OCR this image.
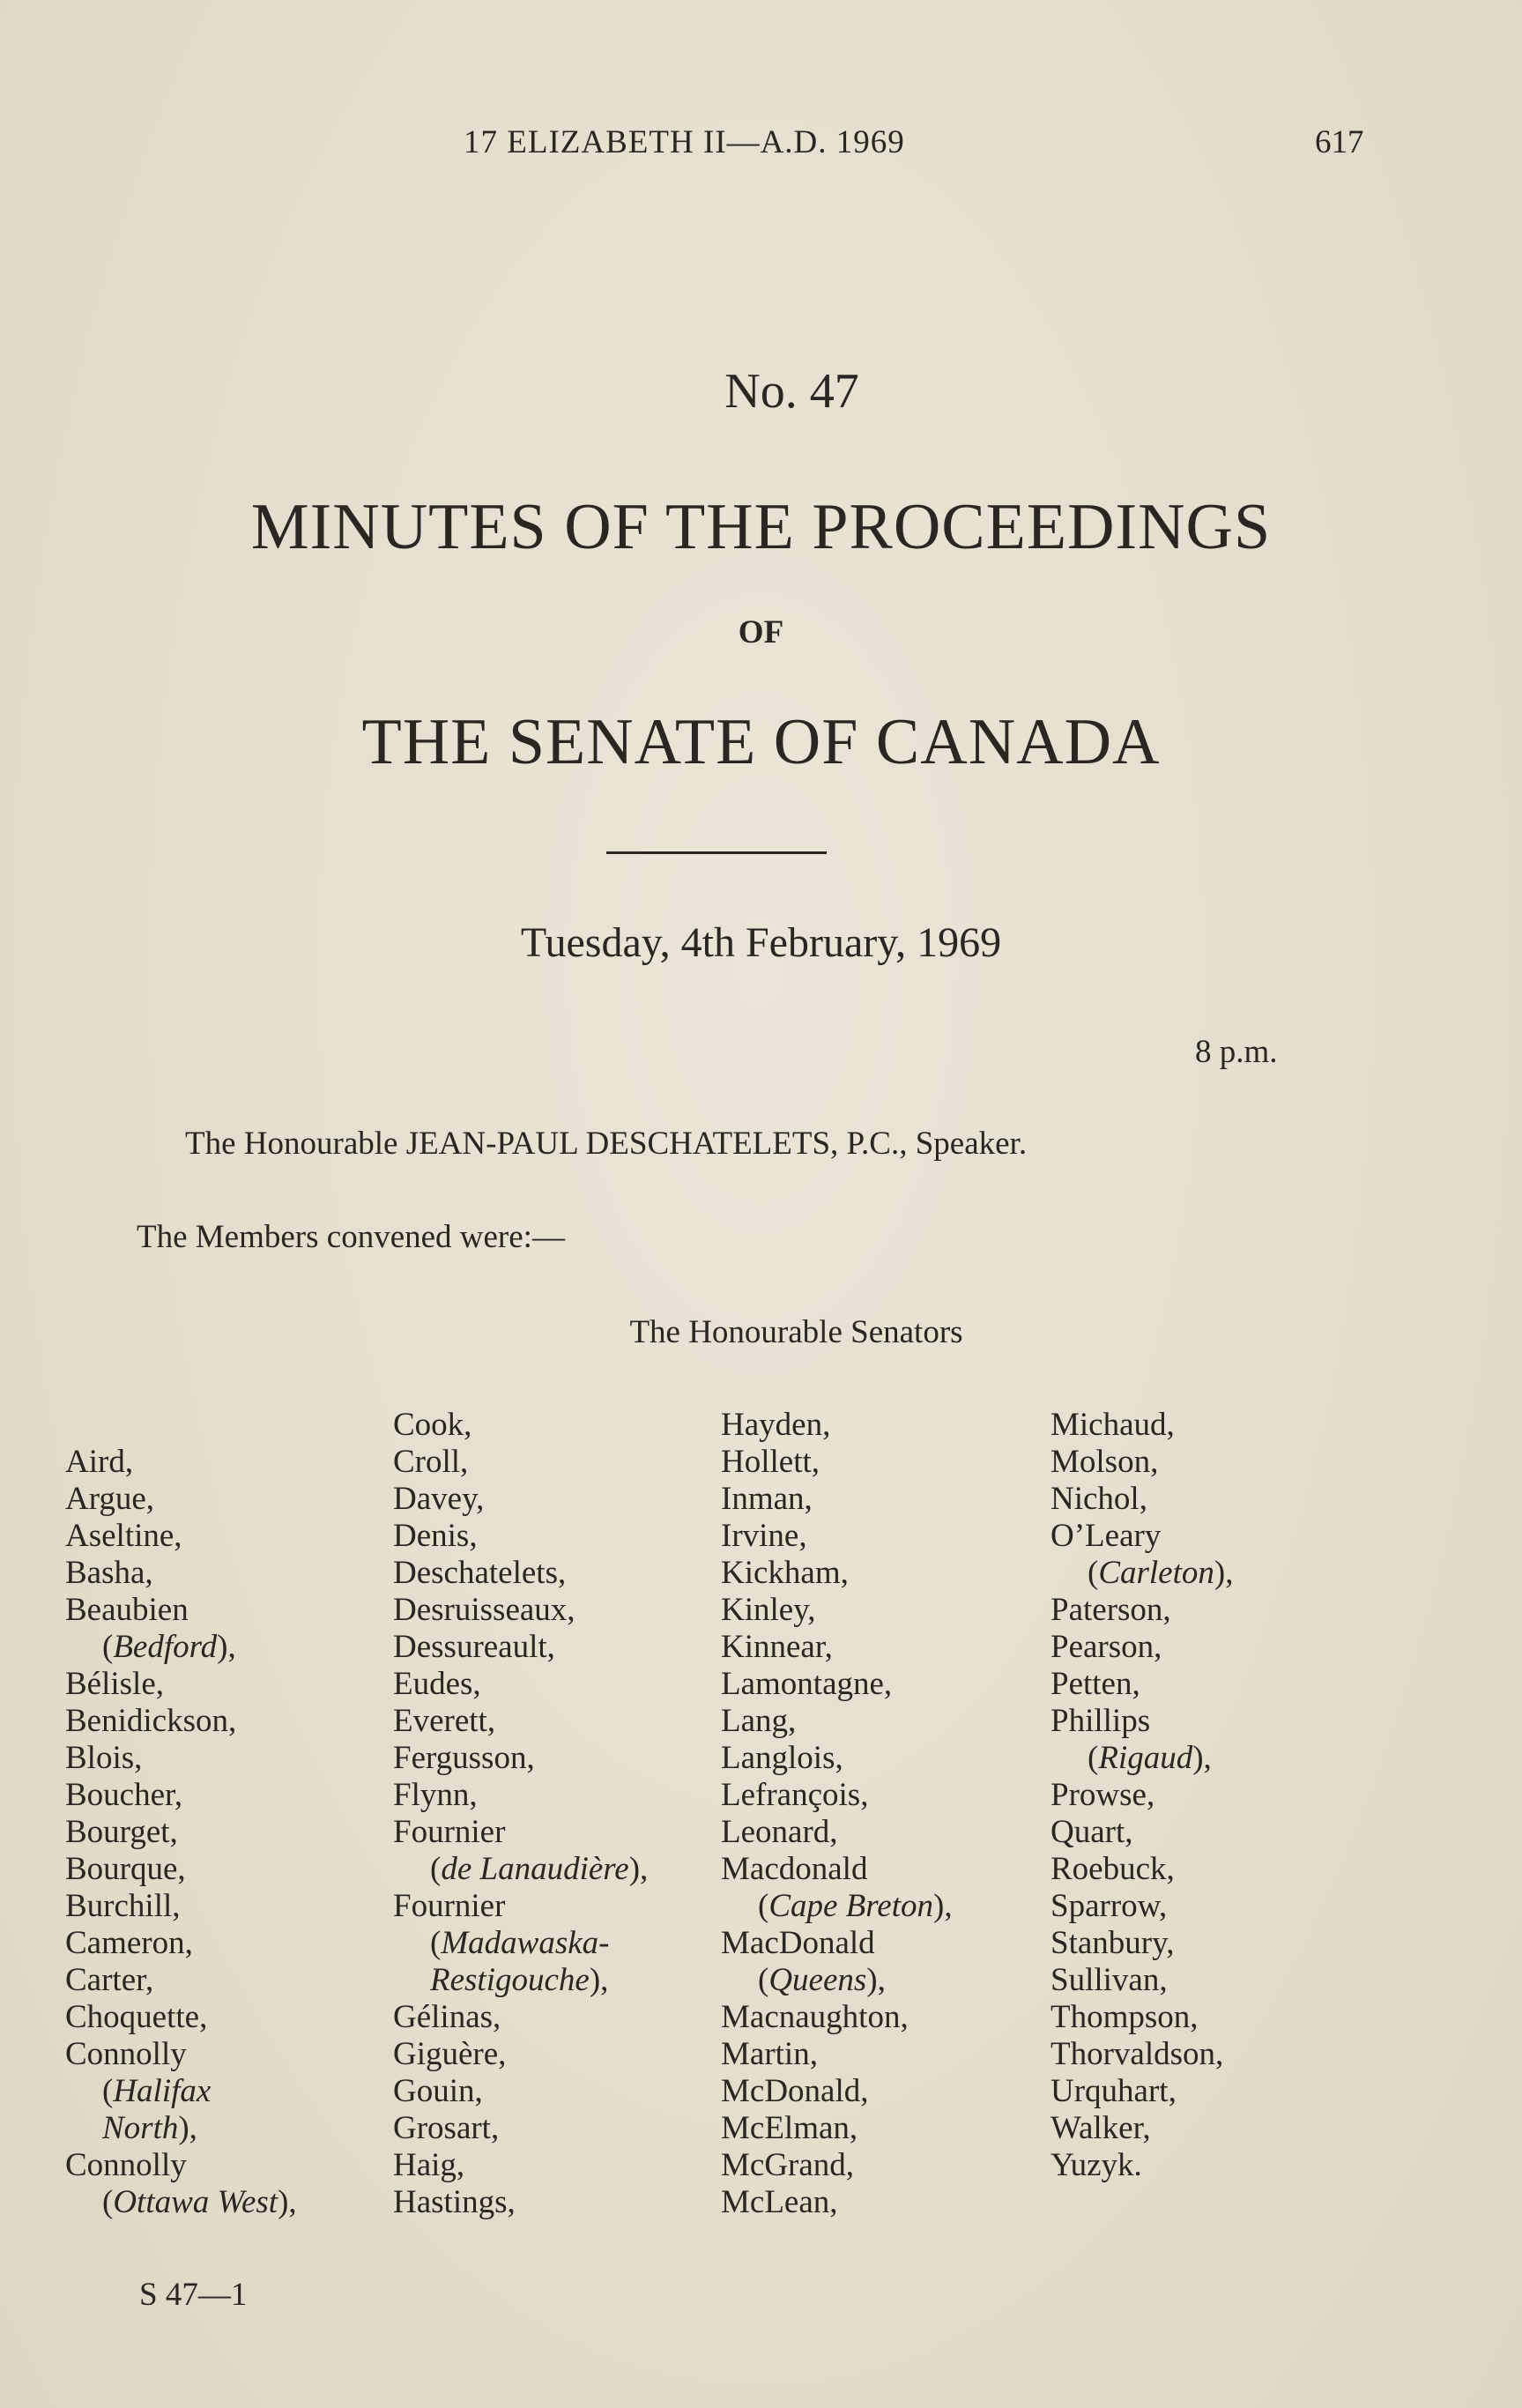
17 ELIZABETH II—A.D. 1969	617
No. 47
MINUTES OF THE PROCEEDINGS
OF
THE SENATE OF CANADA
Tuesday, 4th February, 1969
8 p.m.
The Honourable JEAN-PAUL DESCHATELETS, P.C., Speaker.
The Members convened were:—
The Honourable Senators
Aird,
Argue,
Aseltine,
Basha,
Beaubien
(Bedford),
Bélisle,
Benidickson,
Blois,
Boucher,
Bourget,
Bourque,
Burchill,
Cameron,
Carter,
Choquette,
Connolly
(Halifax
North),
Connolly
(Ottawa West),
Cook,
Croll,
Davey,
Denis,
Deschatelets,
Desruisseaux,
Dessureault,
Eudes,
Everett,
Fergusson,
Flynn,
Fournier
(de Lanaudière),
Fournier
(Madawaska-
Restigouche),
Gélinas,
Giguère,
Gouin,
Grosart,
Haig,
Hastings,
Hayden,
Hollett,
Inman,
Irvine,
Kickham,
Kinley,
Kinnear,
Lamontagne,
Lang,
Langlois,
Lefrançois,
Leonard,
Macdonald
(Cape Breton),
MacDonald
(Queens),
Macnaughton,
Martin,
McDonald,
McElman,
McGrand,
McLean,
Michaud,
Molson,
Nichol,
O’Leary
(Carleton),
Paterson,
Pearson,
Petten,
Phillips
(Rigaud),
Prowse,
Quart,
Roebuck,
Sparrow,
Stanbury,
Sullivan,
Thompson,
Thorvaldson,
Urquhart,
Walker,
Yuzyk.
S 47—1
